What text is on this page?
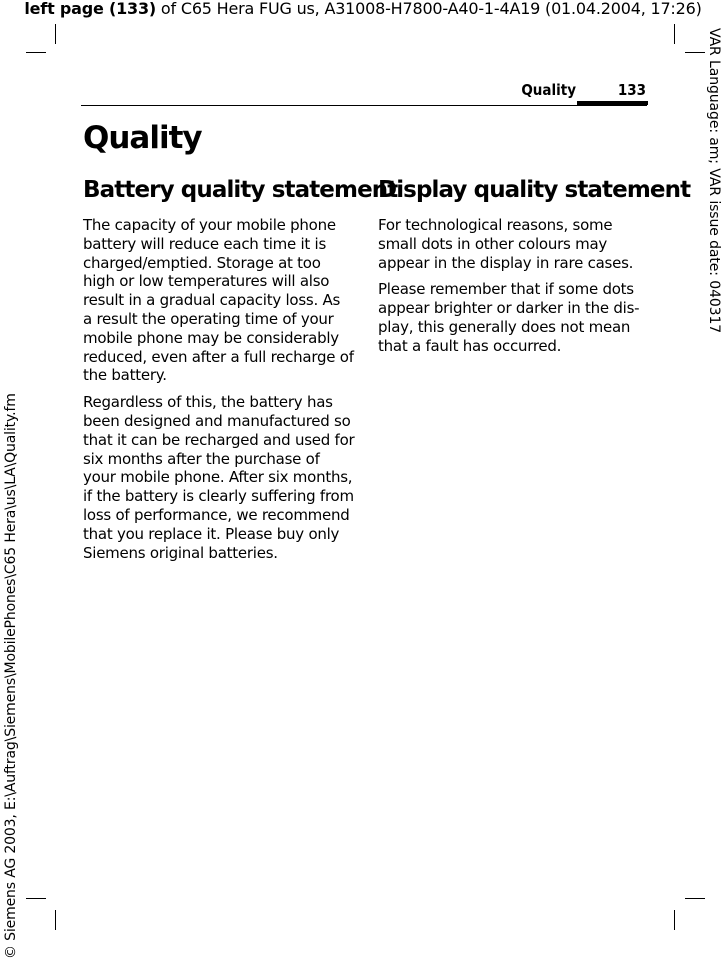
left page (133) of C65 Hera FUG us, A31008-H7800-A40-1-4A19 (01.04.2004, 17:26)
VAR Language: am; VAR issue date: 040317
© Siemens AG 2003, E:\Auftrag\Siemens\MobilePhones\C65 Hera\us\LA\Quality.fm
Quality	133
Quality
Battery quality statement

The capacity of your mobile phone
battery will reduce each time it is
charged/emptied. Storage at too
high or low temperatures will also
result in a gradual capacity loss. As
a result the operating time of your
mobile phone may be considerably
reduced, even after a full recharge of
the battery.

Regardless of this, the battery has
been designed and manufactured so
that it can be recharged and used for
six months after the purchase of
your mobile phone. After six months,
if the battery is clearly suffering from
loss of performance, we recommend
that you replace it. Please buy only
Siemens original batteries.

Display quality statement

For technological reasons, some
small dots in other colours may
appear in the display in rare cases.

Please remember that if some dots
appear brighter or darker in the dis-
play, this generally does not mean
that a fault has occurred.
